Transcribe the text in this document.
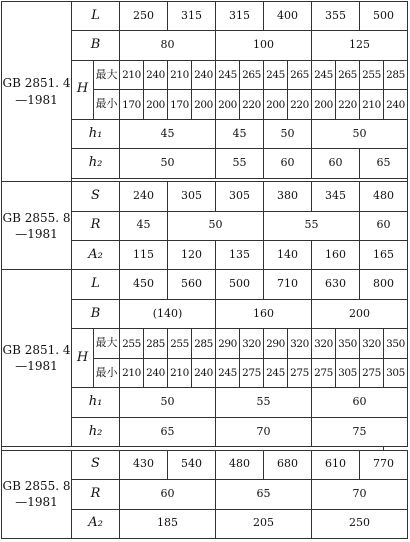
GB 2851. 4
—1981	L		250		315		315		400		355		500	
	B		80				100				125			
	H	最大	210	240	210	240	245	265	245	265	245	265	255	285
		最小	170	200	170	200	200	220	200	220	200	220	210	240
	h₁		45				45		50		50			
	h₂		50				55		60		60		65	

GB 2855. 8
—1981	S		240		305		305		380		345		480	
	R		45		50				55				60	
	A₂		115		120		135		140		160		165	
GB 2851. 4
—1981	L		450		560		500		710		630		800	
	B		(140)				160				200			
	H	最大	255	285	255	285	290	320	290	320	320	350	320	350
		最小	210	240	210	240	245	275	245	275	275	305	275	305
	h₁		50				55				60			
	h₂		65				70				75			

GB 2855. 8
—1981	S		430		540		480		680		610		770	
	R		60				65				70			
	A₂		185				205				250			
